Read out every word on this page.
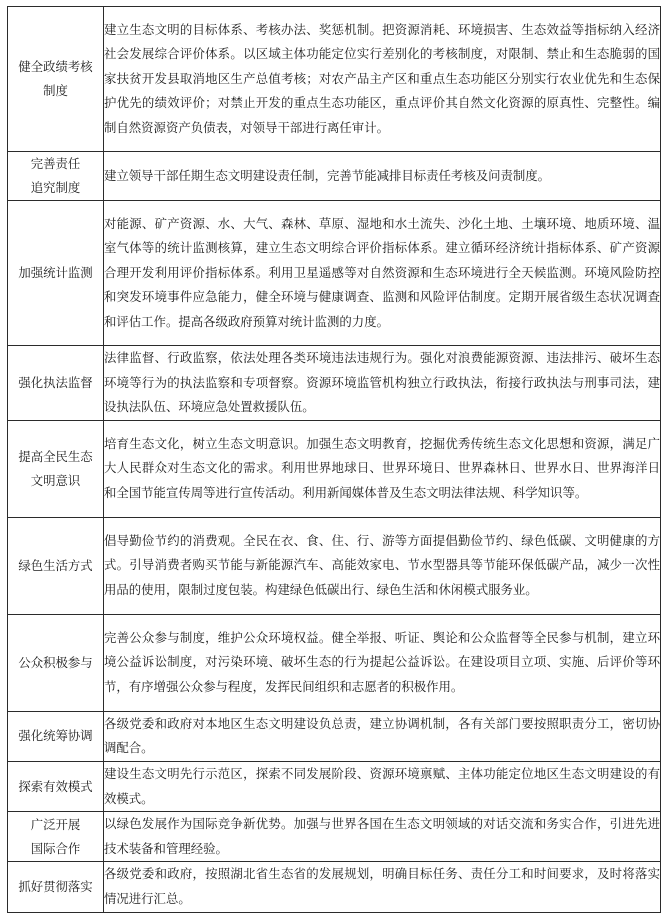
健全政绩考核制度	建立生态文明的目标体系、考核办法、奖惩机制。把资源消耗、环境损害、生态效益等指标纳入经济社会发展综合评价体系。以区域主体功能定位实行差别化的考核制度，对限制、禁止和生态脆弱的国家扶贫开发县取消地区生产总值考核；对农产品主产区和重点生态功能区分别实行农业优先和生态保护优先的绩效评价；对禁止开发的重点生态功能区，重点评价其自然文化资源的原真性、完整性。编制自然资源资产负债表，对领导干部进行离任审计。
完善责任追究制度	建立领导干部任期生态文明建设责任制，完善节能减排目标责任考核及问责制度。
加强统计监测	对能源、矿产资源、水、大气、森林、草原、湿地和水土流失、沙化土地、土壤环境、地质环境、温室气体等的统计监测核算，建立生态文明综合评价指标体系。建立循环经济统计指标体系、矿产资源合理开发利用评价指标体系。利用卫星遥感等对自然资源和生态环境进行全天候监测。环境风险防控和突发环境事件应急能力，健全环境与健康调查、监测和风险评估制度。定期开展省级生态状况调查和评估工作。提高各级政府预算对统计监测的力度。
强化执法监督	法律监督、行政监察，依法处理各类环境违法违规行为。强化对浪费能源资源、违法排污、破坏生态环境等行为的执法监察和专项督察。资源环境监管机构独立行政执法，衔接行政执法与刑事司法，建设执法队伍、环境应急处置救援队伍。
提高全民生态文明意识	培育生态文化，树立生态文明意识。加强生态文明教育，挖掘优秀传统生态文化思想和资源，满足广大人民群众对生态文化的需求。利用世界地球日、世界环境日、世界森林日、世界水日、世界海洋日和全国节能宣传周等进行宣传活动。利用新闻媒体普及生态文明法律法规、科学知识等。
绿色生活方式	倡导勤俭节约的消费观。全民在衣、食、住、行、游等方面提倡勤俭节约、绿色低碳、文明健康的方式。引导消费者购买节能与新能源汽车、高能效家电、节水型器具等节能环保低碳产品，减少一次性用品的使用，限制过度包装。构建绿色低碳出行、绿色生活和休闲模式服务业。
公众积极参与	完善公众参与制度，维护公众环境权益。健全举报、听证、舆论和公众监督等全民参与机制，建立环境公益诉讼制度，对污染环境、破坏生态的行为提起公益诉讼。在建设项目立项、实施、后评价等环节，有序增强公众参与程度，发挥民间组织和志愿者的积极作用。
强化统筹协调	各级党委和政府对本地区生态文明建设负总责，建立协调机制，各有关部门要按照职责分工，密切协调配合。
探索有效模式	建设生态文明先行示范区，探索不同发展阶段、资源环境禀赋、主体功能定位地区生态文明建设的有效模式。
广泛开展国际合作	以绿色发展作为国际竞争新优势。加强与世界各国在生态文明领域的对话交流和务实合作，引进先进技术装备和管理经验。
抓好贯彻落实	各级党委和政府，按照湖北省生态省的发展规划，明确目标任务、责任分工和时间要求，及时将落实情况进行汇总。
